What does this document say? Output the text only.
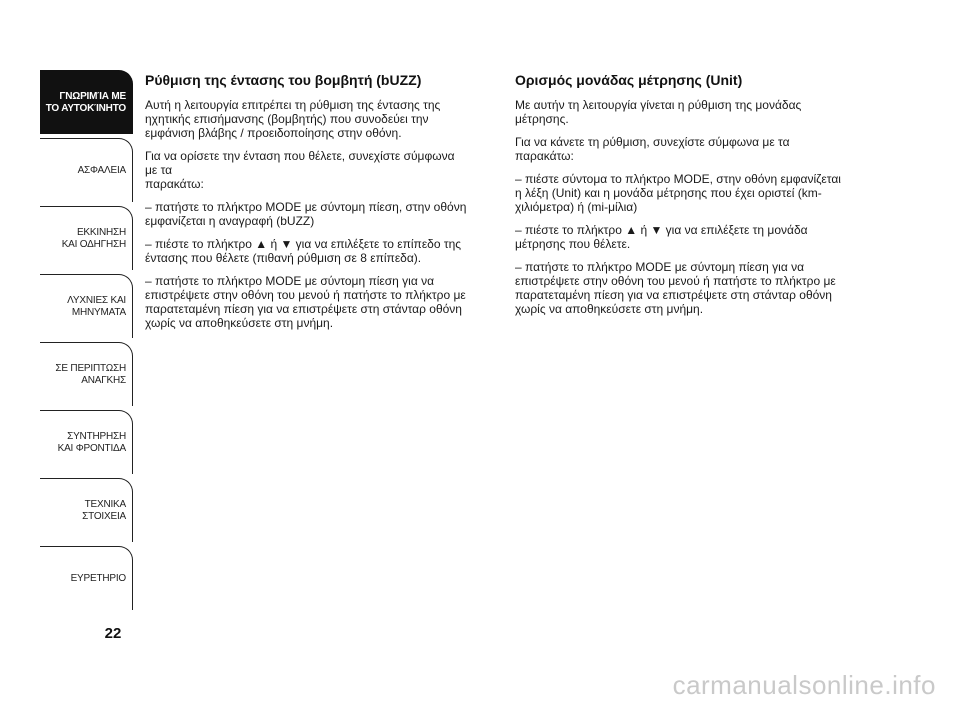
ΓΝΩΡΙΜΊΑ ΜΕ
ΤΟ ΑΥΤΟΚΊΝΗΤΟ
ΑΣΦΑΛΕΙΑ
ΕΚΚΙΝΗΣΗ
ΚΑΙ ΟΔΗΓΗΣΗ
ΛΥΧΝΙΕΣ ΚΑΙ
ΜΗΝΥΜΑΤΑ
ΣΕ ΠΕΡΙΠΤΩΣΗ
ΑΝΑΓΚΗΣ
ΣΥΝΤΗΡΗΣΗ
ΚΑΙ ΦΡΟΝΤΙΔΑ
ΤΕΧΝΙΚΑ
ΣΤΟΙΧΕΙΑ
ΕΥΡΕΤΗΡΙΟ
22
Ρύθμιση της έντασης του βομβητή (bUZZ)

Αυτή η λειτουργία επιτρέπει τη ρύθμιση της έντασης της
ηχητικής επισήμανσης (βομβητής) που συνοδεύει την
εμφάνιση βλάβης / προειδοποίησης στην οθόνη.

Για να ορίσετε την ένταση που θέλετε, συνεχίστε σύμφωνα
με τα
παρακάτω:

– πατήστε το πλήκτρο MODE με σύντομη πίεση, στην οθόνη
εμφανίζεται η αναγραφή (bUZZ)

– πιέστε το πλήκτρο ▲ ή ▼ για να επιλέξετε το επίπεδο της
έντασης που θέλετε (πιθανή ρύθμιση σε 8 επίπεδα).

– πατήστε το πλήκτρο MODE με σύντομη πίεση για να
επιστρέψετε στην οθόνη του μενού ή πατήστε το πλήκτρο με
παρατεταμένη πίεση για να επιστρέψετε στη στάνταρ οθόνη
χωρίς να αποθηκεύσετε στη μνήμη.

Ορισμός μονάδας μέτρησης (Unit)

Με αυτήν τη λειτουργία γίνεται η ρύθμιση της μονάδας
μέτρησης.

Για να κάνετε τη ρύθμιση, συνεχίστε σύμφωνα με τα
παρακάτω:

– πιέστε σύντομα το πλήκτρο MODE, στην οθόνη εμφανίζεται
η λέξη (Unit) και η μονάδα μέτρησης που έχει οριστεί (km-
χιλιόμετρα) ή (mi-μίλια)

– πιέστε το πλήκτρο ▲ ή ▼ για να επιλέξετε τη μονάδα
μέτρησης που θέλετε.

– πατήστε το πλήκτρο MODE με σύντομη πίεση για να
επιστρέψετε στην οθόνη του μενού ή πατήστε το πλήκτρο με
παρατεταμένη πίεση για να επιστρέψετε στη στάνταρ οθόνη
χωρίς να αποθηκεύσετε στη μνήμη.

carmanualsonline.info
